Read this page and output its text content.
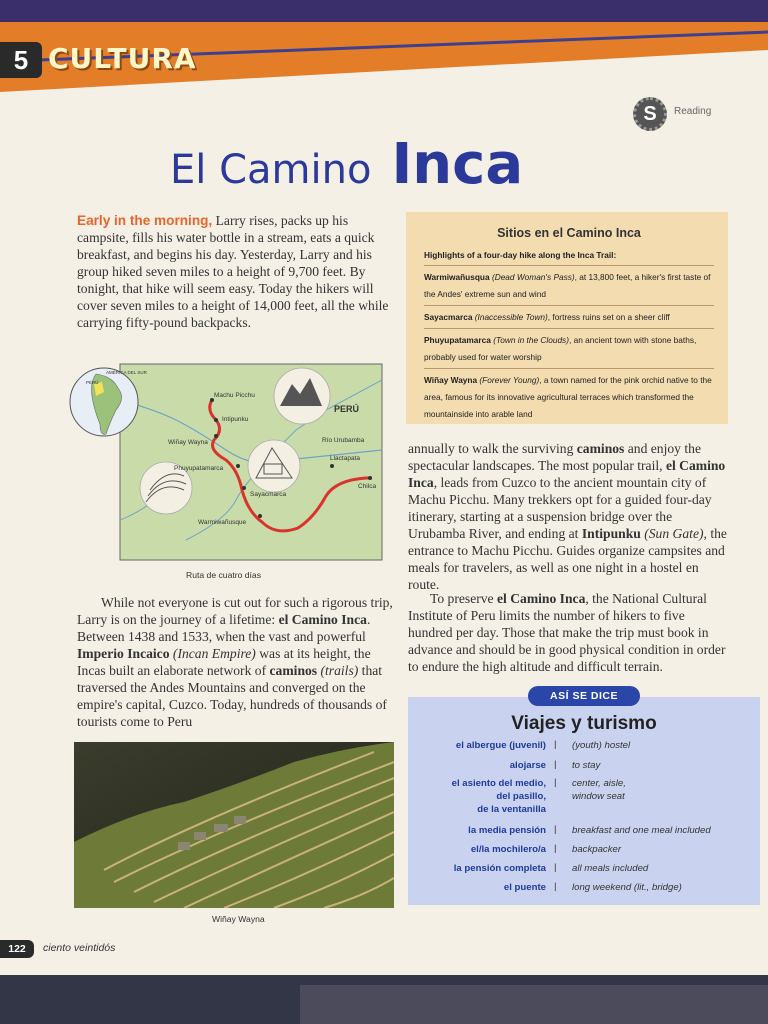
5 CULTURA
S	Reading
El Camino Inca
Early in the morning, Larry rises, packs up his campsite, fills his water bottle in a stream, eats a quick breakfast, and begins his day. Yesterday, Larry and his group hiked seven miles to a height of 9,700 feet. By tonight, that hike will seem easy. Today the hikers will cover seven miles to a height of 14,000 feet, all the while carrying fifty-pound backpacks.
Sitios en el Camino Inca
Highlights of a four-day hike along the Inca Trail:
Warmiwañusqua (Dead Woman's Pass), at 13,800 feet, a hiker's first taste of the Andes' extreme sun and wind
Sayacmarca (Inaccessible Town), fortress ruins set on a sheer cliff
Phuyupatamarca (Town in the Clouds), an ancient town with stone baths, probably used for water worship
Wiñay Wayna (Forever Young), a town named for the pink orchid native to the area, famous for its innovative agricultural terraces which transformed the mountainside into arable land
AMÉRICA DEL SUR
PERÚ
Machu Picchu
Intipunku
Wiñay Wayna
Phuyupatamarca
Sayacmarca
Warmiwañusque
Río Urubamba
Llactapata
Chilca
PERÚ
Ruta de cuatro días
While not everyone is cut out for such a rigorous trip, Larry is on the journey of a lifetime: el Camino Inca. Between 1438 and 1533, when the vast and powerful Imperio Incaico (Incan Empire) was at its height, the Incas built an elaborate network of caminos (trails) that traversed the Andes Mountains and converged on the empire's capital, Cuzco. Today, hundreds of thousands of tourists come to Peru
Wiñay Wayna
annually to walk the surviving caminos and enjoy the spectacular landscapes. The most popular trail, el Camino Inca, leads from Cuzco to the ancient mountain city of Machu Picchu. Many trekkers opt for a guided four-day itinerary, starting at a suspension bridge over the Urubamba River, and ending at Intipunku (Sun Gate), the entrance to Machu Picchu. Guides organize campsites and meals for travelers, as well as one night in a hostel en route.
To preserve el Camino Inca, the National Cultural Institute of Peru limits the number of hikers to five hundred per day. Those that make the trip must book in advance and should be in good physical condition in order to endure the high altitude and difficult terrain.
ASÍ SE DICE
Viajes y turismo
el albergue (juvenil) | (youth) hostel
alojarse | to stay
el asiento del medio,
del pasillo,
de la ventanilla
| center, aisle,
window seat
la media pensión | breakfast and one meal included
el/la mochilero/a | backpacker
la pensión completa | all meals included
el puente | long weekend (lit., bridge)
122	ciento veintidós
